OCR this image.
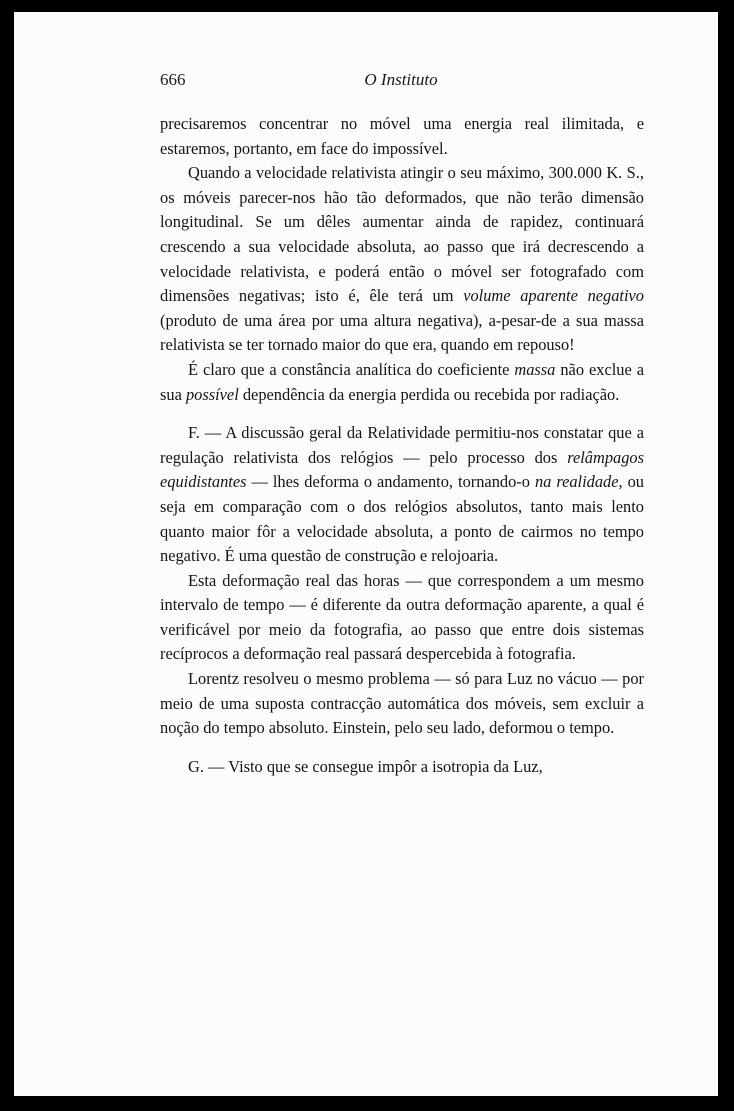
666	O Instituto

precisaremos concentrar no móvel uma energia real ilimitada, e estaremos, portanto, em face do impossível.

Quando a velocidade relativista atingir o seu máximo, 300.000 K. S., os móveis parecer-nos hão tão deformados, que não terão dimensão longitudinal. Se um dêles aumentar ainda de rapidez, continuará crescendo a sua velocidade absoluta, ao passo que irá decrescendo a velocidade relativista, e poderá então o móvel ser fotografado com dimensões negativas; isto é, êle terá um volume aparente negativo (produto de uma área por uma altura negativa), a-pesar-de a sua massa relativista se ter tornado maior do que era, quando em repouso!

É claro que a constância analítica do coeficiente massa não exclue a sua possível dependência da energia perdida ou recebida por radiação.

F. — A discussão geral da Relatividade permitiu-nos constatar que a regulação relativista dos relógios — pelo processo dos relâmpagos equidistantes — lhes deforma o andamento, tornando-o na realidade, ou seja em comparação com o dos relógios absolutos, tanto mais lento quanto maior fôr a velocidade absoluta, a ponto de cairmos no tempo negativo. É uma questão de construção e relojoaria.

Esta deformação real das horas — que correspondem a um mesmo intervalo de tempo — é diferente da outra deformação aparente, a qual é verificável por meio da fotografia, ao passo que entre dois sistemas recíprocos a deformação real passará despercebida à fotografia.

Lorentz resolveu o mesmo problema — só para Luz no vácuo — por meio de uma suposta contracção automática dos móveis, sem excluir a noção do tempo absoluto. Einstein, pelo seu lado, deformou o tempo.

G. — Visto que se consegue impôr a isotropia da Luz,
